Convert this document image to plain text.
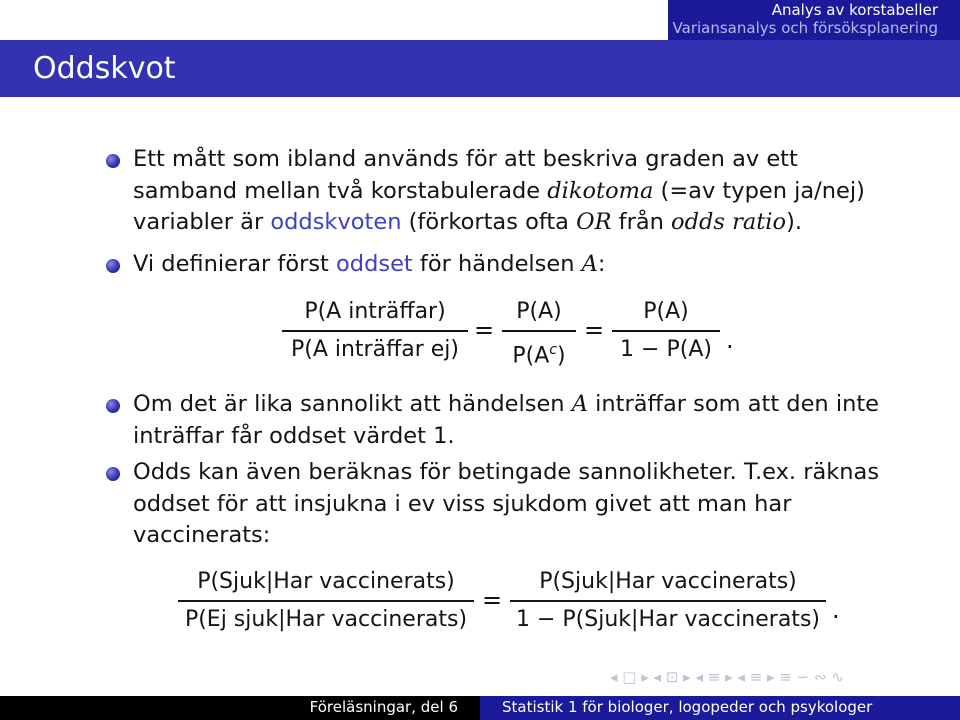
Analys av korstabeller
Variansanalys och försöksplanering
Oddskvot
Ett mått som ibland används för att beskriva graden av ett samband mellan två korstabulerade dikotoma (=av typen ja/nej) variabler är oddskvoten (förkortas ofta OR från odds ratio).
Vi definierar först oddset för händelsen A:
P(A inträffar)
P(A inträffar ej)
=
P(A)
$P(A^c)$
=
P(A)
1 − P(A) .
Om det är lika sannolikt att händelsen A inträffar som att den inte inträffar får oddset värdet 1.
Odds kan även beräknas för betingade sannolikheter. T.ex. räknas oddset för att insjukna i ev viss sjukdom givet att man har vaccinerats:
P(Sjuk|Har vaccinerats)
P(Ej sjuk|Har vaccinerats)
=
P(Sjuk|Har vaccinerats)
1 − P(Sjuk|Har vaccinerats) .
◂ □ ▸ ◂ ⊡ ▸ ◂ ≡ ▸ ◂ ≡ ▸ ≡ ∽ ∾ ∿
Föreläsningar, del 6	Statistik 1 för biologer, logopeder och psykologer
